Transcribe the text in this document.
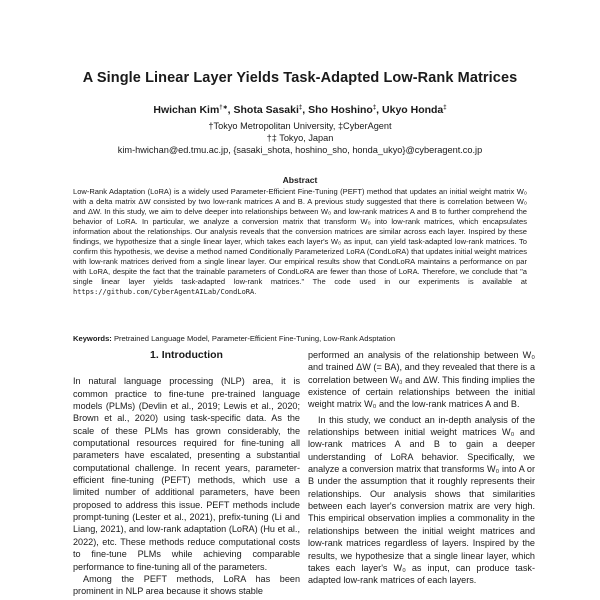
A Single Linear Layer Yields Task-Adapted Low-Rank Matrices
Hwichan Kim†∗, Shota Sasaki‡, Sho Hoshino‡, Ukyo Honda‡
†Tokyo Metropolitan University, ‡CyberAgent
†‡ Tokyo, Japan
kim-hwichan@ed.tmu.ac.jp, {sasaki_shota, hoshino_sho, honda_ukyo}@cyberagent.co.jp
Abstract

Low-Rank Adaptation (LoRA) is a widely used Parameter-Efficient Fine-Tuning (PEFT) method that updates an initial weight matrix W₀ with a delta matrix ΔW consisted by two low-rank matrices A and B. A previous study suggested that there is correlation between W₀ and ΔW. In this study, we aim to delve deeper into relationships between W₀ and low-rank matrices A and B to further comprehend the behavior of LoRA. In particular, we analyze a conversion matrix that transform W₀ into low-rank matrices, which encapsulates information about the relationships. Our analysis reveals that the conversion matrices are similar across each layer. Inspired by these findings, we hypothesize that a single linear layer, which takes each layer's W₀ as input, can yield task-adapted low-rank matrices. To confirm this hypothesis, we devise a method named Conditionally Parameterized LoRA (CondLoRA) that updates initial weight matrices with low-rank matrices derived from a single linear layer. Our empirical results show that CondLoRA maintains a performance on par with LoRA, despite the fact that the trainable parameters of CondLoRA are fewer than those of LoRA. Therefore, we conclude that "a single linear layer yields task-adapted low-rank matrices." The code used in our experiments is available at https://github.com/CyberAgentAILab/CondLoRA.

Keywords: Pretrained Language Model, Parameter-Efficient Fine-Tuning, Low-Rank Adsptation
1. Introduction

In natural language processing (NLP) area, it is common practice to fine-tune pre-trained language models (PLMs) (Devlin et al., 2019; Lewis et al., 2020; Brown et al., 2020) using task-specific data. As the scale of these PLMs has grown considerably, the computational resources required for fine-tuning all parameters have escalated, presenting a substantial computational challenge. In recent years, parameter-efficient fine-tuning (PEFT) methods, which use a limited number of additional parameters, have been proposed to address this issue. PEFT methods include prompt-tuning (Lester et al., 2021), prefix-tuning (Li and Liang, 2021), and low-rank adaptation (LoRA) (Hu et al., 2022), etc. These methods reduce computational costs to fine-tune PLMs while achieving comparable performance to fine-tuning all of the parameters.

Among the PEFT methods, LoRA has been prominent in NLP area because it shows stable

performed an analysis of the relationship between W₀ and trained ΔW (= BA), and they revealed that there is a correlation between W₀ and ΔW. This finding implies the existence of certain relationships between the initial weight matrix W₀ and the low-rank matrices A and B.

In this study, we conduct an in-depth analysis of the relationships between initial weight matrices W₀ and low-rank matrices A and B to gain a deeper understanding of LoRA behavior. Specifically, we analyze a conversion matrix that transforms W₀ into A or B under the assumption that it roughly represents their relationships. Our analysis shows that similarities between each layer's conversion matrix are very high. This empirical observation implies a commonality in the relationships between the initial weight matrices and low-rank matrices regardless of layers. Inspired by the results, we hypothesize that a single linear layer, which takes each layer's W₀ as input, can produce task-adapted low-rank matrices of each layers.
